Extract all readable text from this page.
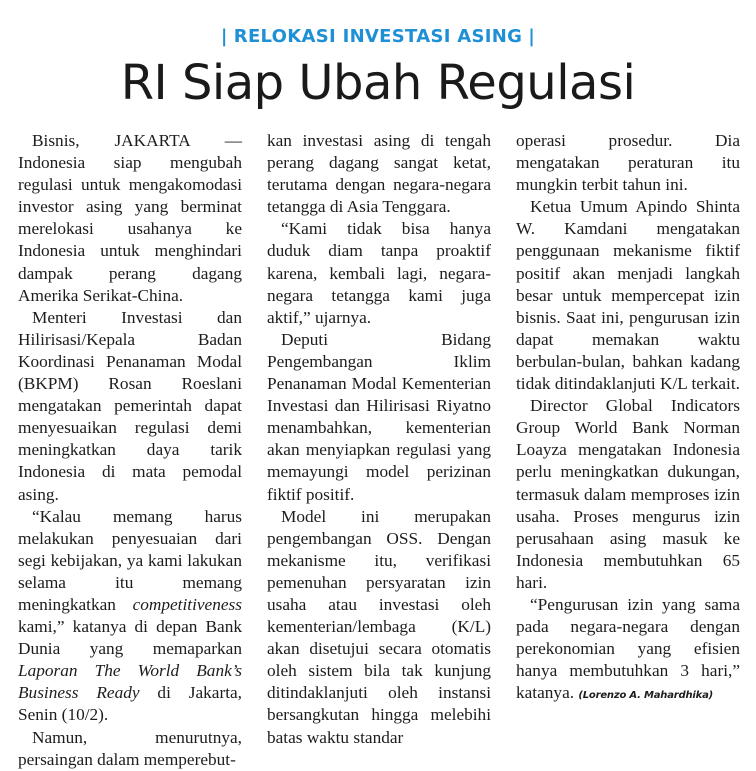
| RELOKASI INVESTASI ASING |
RI Siap Ubah Regulasi

Bisnis, JAKARTA — Indonesia siap mengubah regulasi untuk mengakomodasi investor asing yang berminat merelokasi usahanya ke Indonesia untuk menghindari dampak perang dagang Amerika Serikat-China.

Menteri Investasi dan Hilirisasi/Kepala Badan Koordinasi Penanaman Modal (BKPM) Rosan Roeslani mengatakan pemerintah dapat menyesuaikan regulasi demi meningkatkan daya tarik Indonesia di mata pemodal asing.

“Kalau memang harus melakukan penyesuaian dari segi kebijakan, ya kami lakukan selama itu memang meningkatkan competitiveness kami,” katanya di depan Bank Dunia yang memaparkan Laporan The World Bank’s Business Ready di Jakarta, Senin (10/2).

Namun, menurutnya, persaingan dalam memperebut-

kan investasi asing di tengah perang dagang sangat ketat, terutama dengan negara-negara tetangga di Asia Tenggara.

“Kami tidak bisa hanya duduk diam tanpa proaktif karena, kembali lagi, negara-negara tetangga kami juga aktif,” ujarnya.

Deputi Bidang Pengembangan Iklim Penanaman Modal Kementerian Investasi dan Hilirisasi Riyatno menambahkan, kementerian akan menyiapkan regulasi yang memayungi model perizinan fiktif positif.

Model ini merupakan pengembangan OSS. Dengan mekanisme itu, verifikasi pemenuhan persyaratan izin usaha atau investasi oleh kementerian/lembaga (K/L) akan disetujui secara otomatis oleh sistem bila tak kunjung ditindaklanjuti oleh instansi bersangkutan hingga melebihi batas waktu standar

operasi prosedur. Dia mengatakan peraturan itu mungkin terbit tahun ini.

Ketua Umum Apindo Shinta W. Kamdani mengatakan penggunaan mekanisme fiktif positif akan menjadi langkah besar untuk mempercepat izin bisnis. Saat ini, pengurusan izin dapat memakan waktu berbulan-bulan, bahkan kadang tidak ditindaklanjuti K/L terkait.

Director Global Indicators Group World Bank Norman Loayza mengatakan Indonesia perlu meningkatkan dukungan, termasuk dalam memproses izin usaha. Proses mengurus izin perusahaan asing masuk ke Indonesia membutuhkan 65 hari.

“Pengurusan izin yang sama pada negara-negara dengan perekonomian yang efisien hanya membutuhkan 3 hari,” katanya. (Lorenzo A. Mahardhika)
